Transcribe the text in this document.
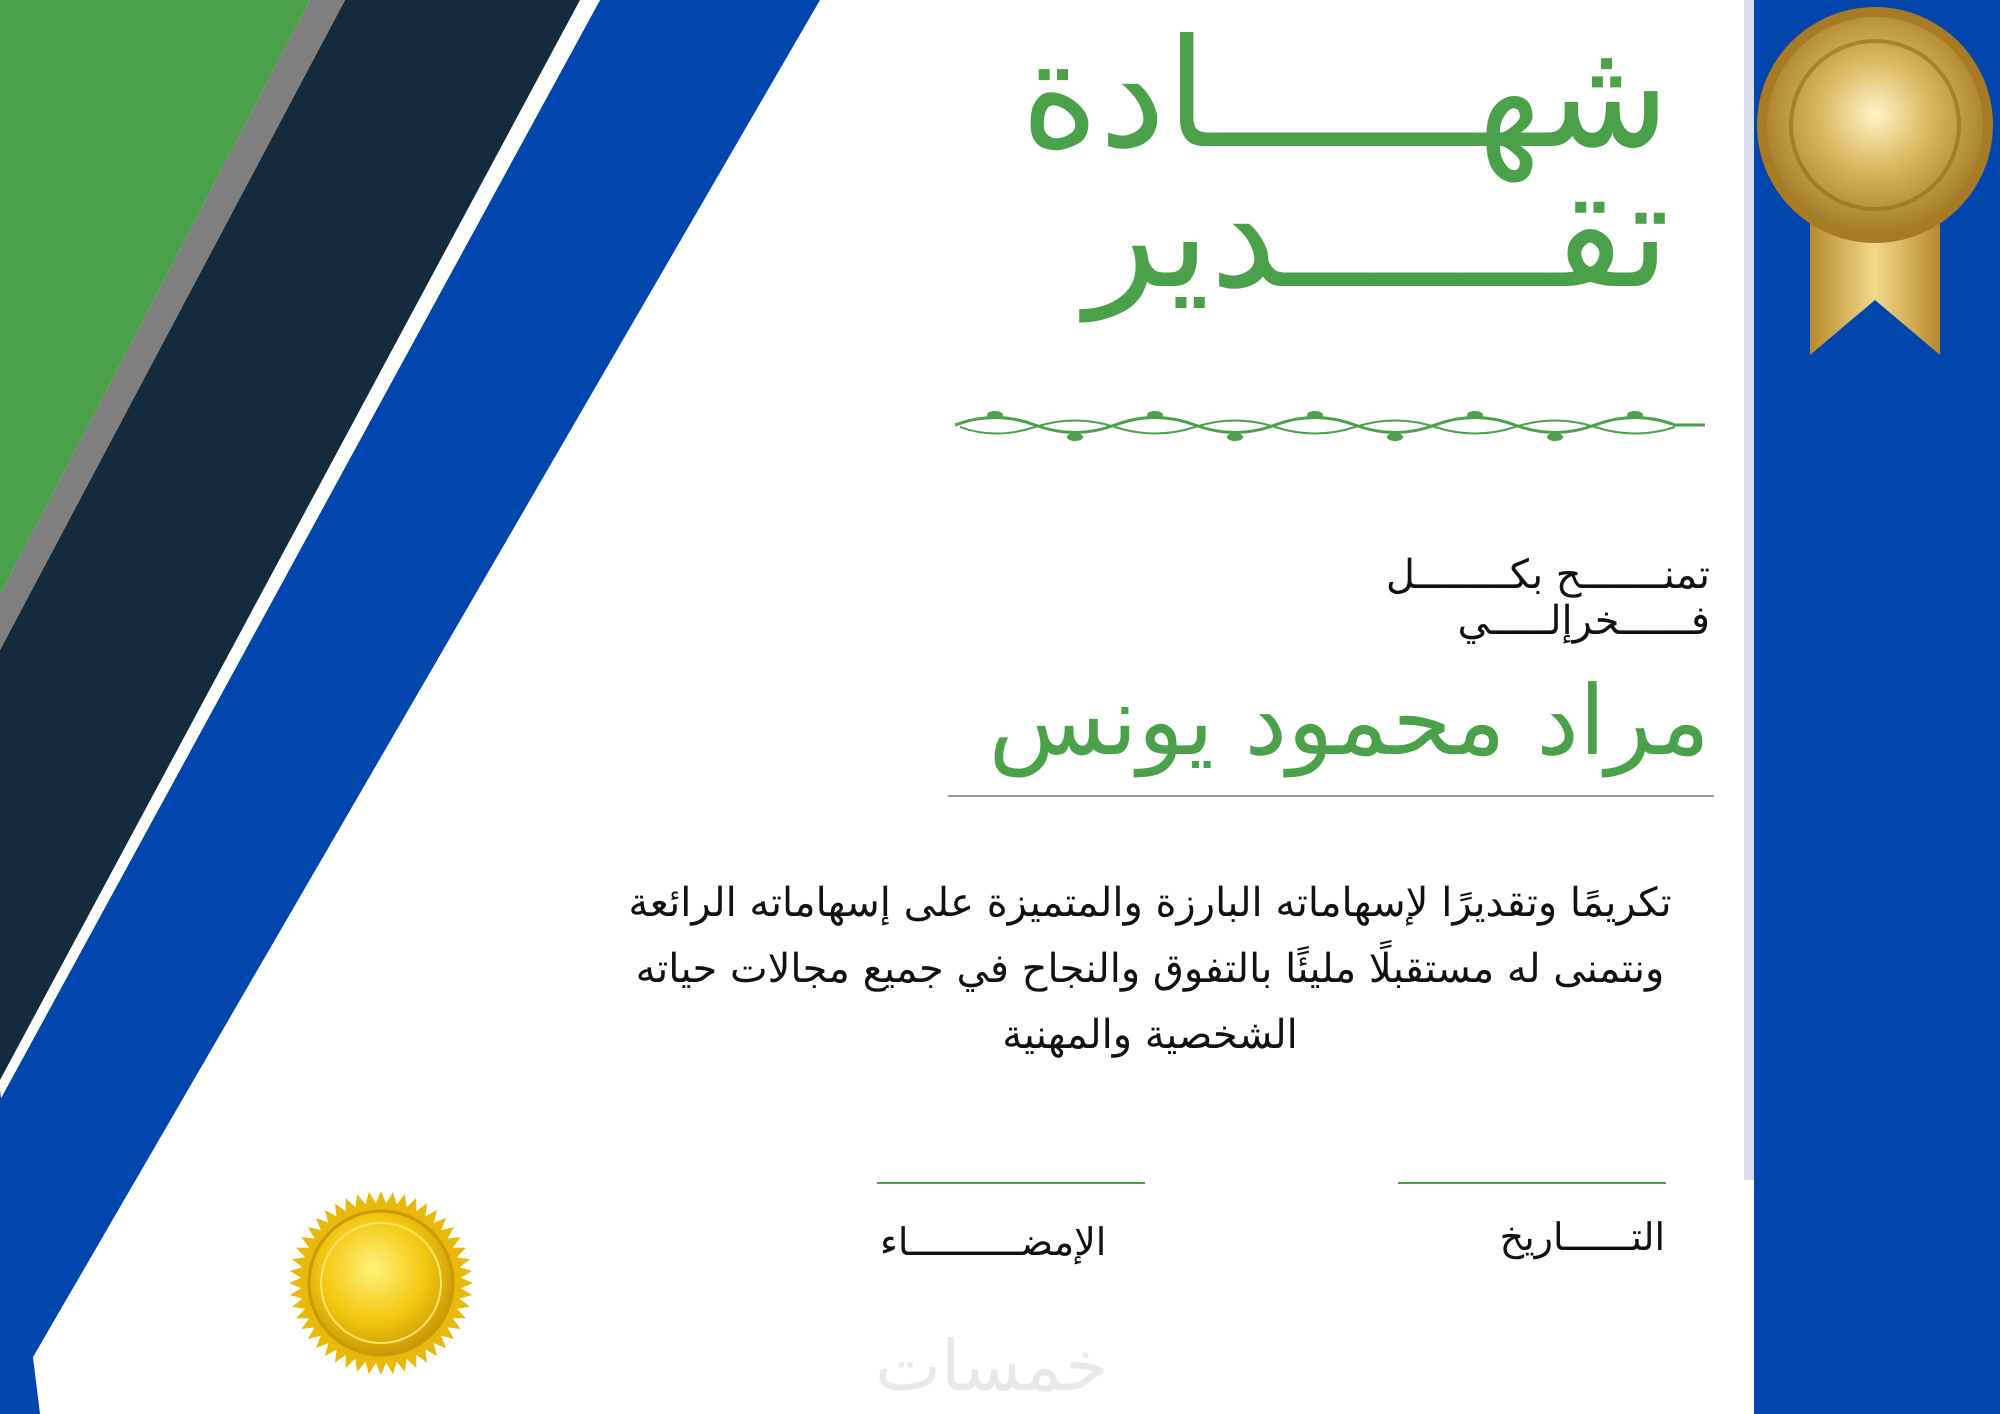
شهــــــادة
تقــــــدير
تمنـــــــح بكــــــــل فــــــخرإلـــــي
مراد محمود يونس
تكريمًا وتقديرًا لإسهاماته البارزة والمتميزة على إسهاماته الرائعة ونتمنى له مستقبلًا مليئًا بالتفوق والنجاح في جميع مجالات حياته الشخصية والمهنية
التــــــاريخ
الإمضــــــــــاء
خمسات
